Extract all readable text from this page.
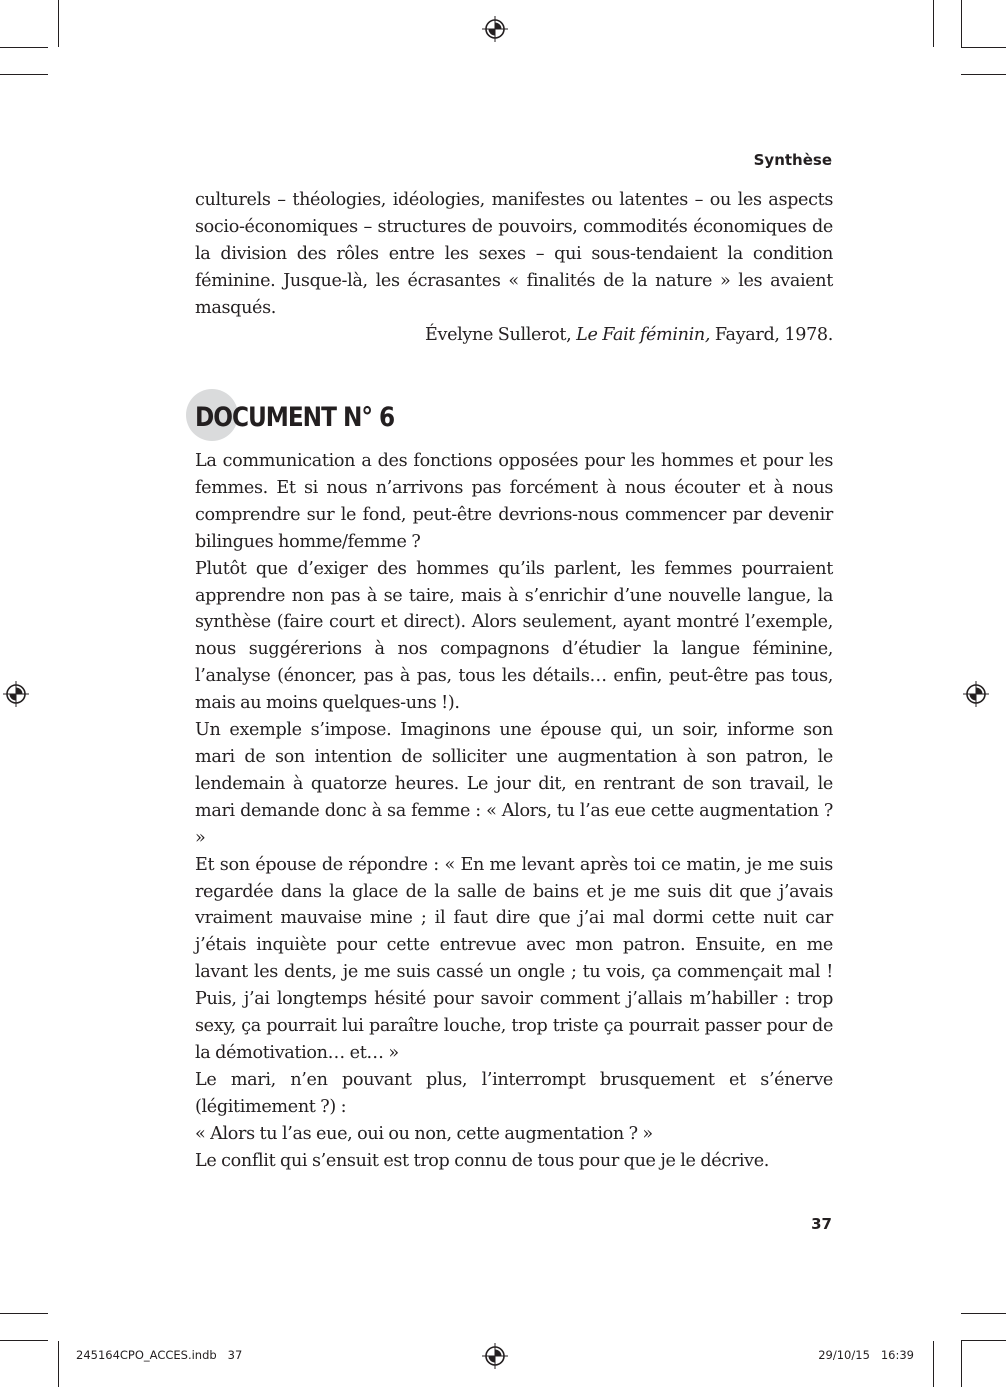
Synthèse

culturels – théologies, idéologies, manifestes ou latentes – ou les aspects socio-économiques – structures de pouvoirs, commodités économiques de la division des rôles entre les sexes – qui sous-tendaient la condition féminine. Jusque-là, les écrasantes « finalités de la nature » les avaient masqués.

Évelyne Sullerot, Le Fait féminin, Fayard, 1978.

DOCUMENT N° 6

La communication a des fonctions opposées pour les hommes et pour les femmes. Et si nous n’arrivons pas forcément à nous écouter et à nous comprendre sur le fond, peut-être devrions-nous commencer par devenir bilingues homme/femme ?

Plutôt que d’exiger des hommes qu’ils parlent, les femmes pourraient apprendre non pas à se taire, mais à s’enrichir d’une nouvelle langue, la synthèse (faire court et direct). Alors seulement, ayant montré l’exemple, nous suggérerions à nos compagnons d’étudier la langue féminine, l’analyse (énoncer, pas à pas, tous les détails… enfin, peut-être pas tous, mais au moins quelques-uns !).

Un exemple s’impose. Imaginons une épouse qui, un soir, informe son mari de son intention de solliciter une augmentation à son patron, le lendemain à quatorze heures. Le jour dit, en rentrant de son travail, le mari demande donc à sa femme : « Alors, tu l’as eue cette augmentation ? »

Et son épouse de répondre : « En me levant après toi ce matin, je me suis regardée dans la glace de la salle de bains et je me suis dit que j’avais vraiment mauvaise mine ; il faut dire que j’ai mal dormi cette nuit car j’étais inquiète pour cette entrevue avec mon patron. Ensuite, en me lavant les dents, je me suis cassé un ongle ; tu vois, ça commençait mal ! Puis, j’ai longtemps hésité pour savoir comment j’allais m’habiller : trop sexy, ça pourrait lui paraître louche, trop triste ça pourrait passer pour de la démotivation… et… »

Le mari, n’en pouvant plus, l’interrompt brusquement et s’énerve (légitimement ?) :

« Alors tu l’as eue, oui ou non, cette augmentation ? »

Le conflit qui s’ensuit est trop connu de tous pour que je le décrive.

37

245164CPO_ACCES.indb   37	29/10/15   16:39
